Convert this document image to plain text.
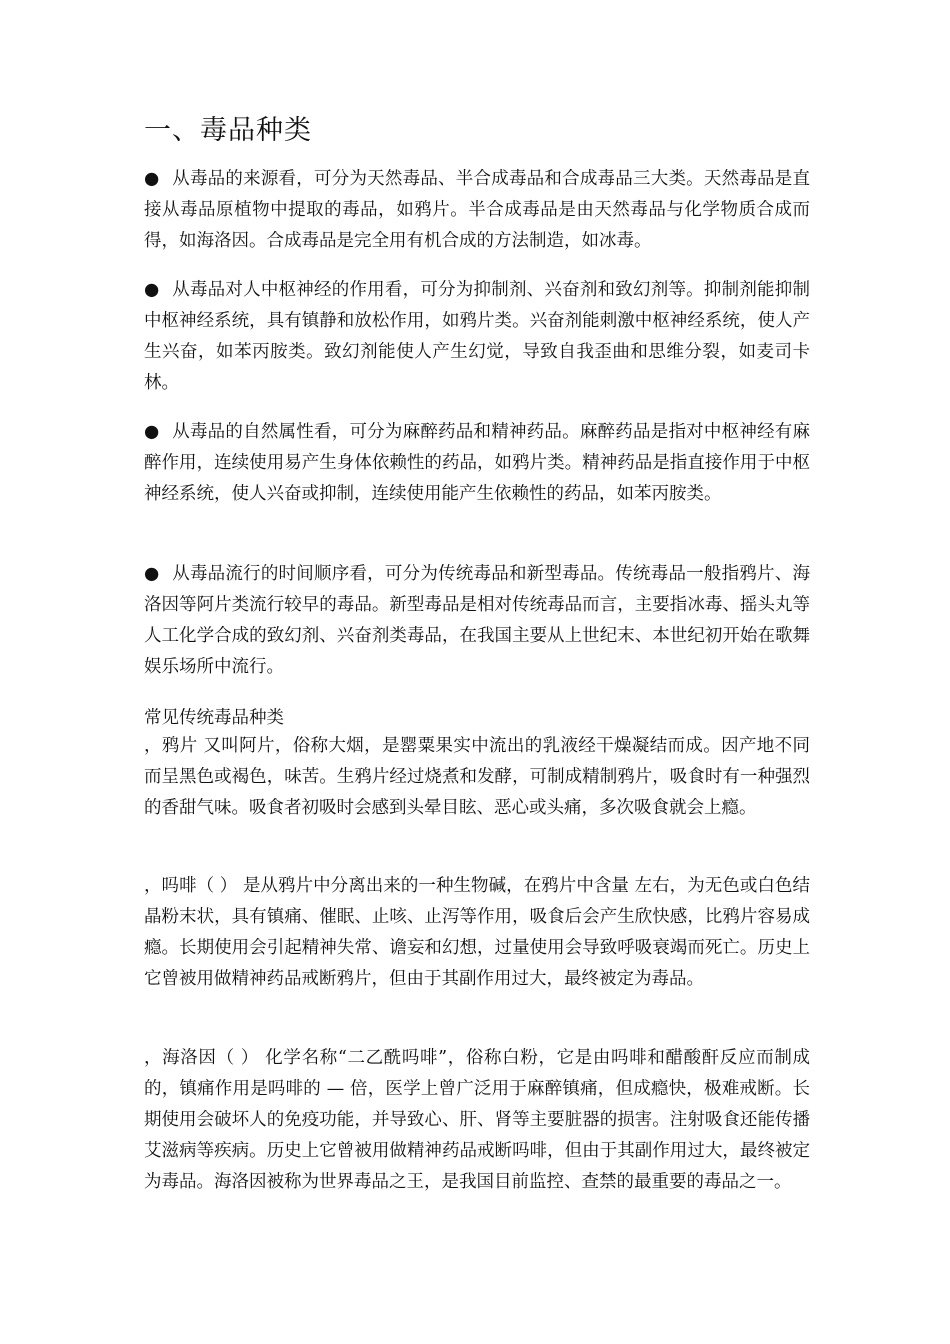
一、毒品种类

● 从毒品的来源看，可分为天然毒品、半合成毒品和合成毒品三大类。天然毒品是直接从毒品原植物中提取的毒品，如鸦片。半合成毒品是由天然毒品与化学物质合成而得，如海洛因。合成毒品是完全用有机合成的方法制造，如冰毒。

● 从毒品对人中枢神经的作用看，可分为抑制剂、兴奋剂和致幻剂等。抑制剂能抑制中枢神经系统，具有镇静和放松作用，如鸦片类。兴奋剂能刺激中枢神经系统，使人产生兴奋，如苯丙胺类。致幻剂能使人产生幻觉，导致自我歪曲和思维分裂，如麦司卡林。

● 从毒品的自然属性看，可分为麻醉药品和精神药品。麻醉药品是指对中枢神经有麻醉作用，连续使用易产生身体依赖性的药品，如鸦片类。精神药品是指直接作用于中枢神经系统，使人兴奋或抑制，连续使用能产生依赖性的药品，如苯丙胺类。

● 从毒品流行的时间顺序看，可分为传统毒品和新型毒品。传统毒品一般指鸦片、海洛因等阿片类流行较早的毒品。新型毒品是相对传统毒品而言，主要指冰毒、摇头丸等人工化学合成的致幻剂、兴奋剂类毒品，在我国主要从上世纪末、本世纪初开始在歌舞娱乐场所中流行。

常见传统毒品种类

，鸦片 又叫阿片，俗称大烟，是罂粟果实中流出的乳液经干燥凝结而成。因产地不同而呈黑色或褐色，味苦。生鸦片经过烧煮和发酵，可制成精制鸦片，吸食时有一种强烈的香甜气味。吸食者初吸时会感到头晕目眩、恶心或头痛，多次吸食就会上瘾。

，吗啡（ ） 是从鸦片中分离出来的一种生物碱，在鸦片中含量 左右，为无色或白色结晶粉末状，具有镇痛、催眠、止咳、止泻等作用，吸食后会产生欣快感，比鸦片容易成瘾。长期使用会引起精神失常、谵妄和幻想，过量使用会导致呼吸衰竭而死亡。历史上它曾被用做精神药品戒断鸦片，但由于其副作用过大，最终被定为毒品。

，海洛因（ ） 化学名称“二乙酰吗啡”，俗称白粉，它是由吗啡和醋酸酐反应而制成的，镇痛作用是吗啡的 — 倍，医学上曾广泛用于麻醉镇痛，但成瘾快，极难戒断。长期使用会破坏人的免疫功能，并导致心、肝、肾等主要脏器的损害。注射吸食还能传播艾滋病等疾病。历史上它曾被用做精神药品戒断吗啡，但由于其副作用过大，最终被定为毒品。海洛因被称为世界毒品之王，是我国目前监控、查禁的最重要的毒品之一。
